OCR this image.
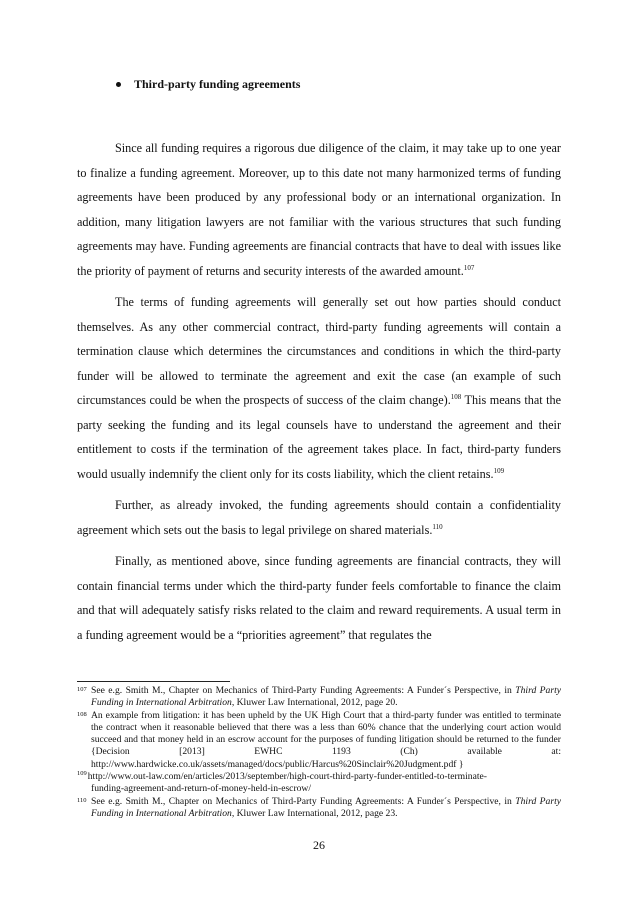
Third-party funding agreements

Since all funding requires a rigorous due diligence of the claim, it may take up to one year to finalize a funding agreement. Moreover, up to this date not many harmonized terms of funding agreements have been produced by any professional body or an international organization. In addition, many litigation lawyers are not familiar with the various structures that such funding agreements may have. Funding agreements are financial contracts that have to deal with issues like the priority of payment of returns and security interests of the awarded amount.$^{107}$

The terms of funding agreements will generally set out how parties should conduct themselves. As any other commercial contract, third-party funding agreements will contain a termination clause which determines the circumstances and conditions in which the third-party funder will be allowed to terminate the agreement and exit the case (an example of such circumstances could be when the prospects of success of the claim change).$^{108}$ This means that the party seeking the funding and its legal counsels have to understand the agreement and their entitlement to costs if the termination of the agreement takes place. In fact, third-party funders would usually indemnify the client only for its costs liability, which the client retains.$^{109}$

Further, as already invoked, the funding agreements should contain a confidentiality agreement which sets out the basis to legal privilege on shared materials.$^{110}$

Finally, as mentioned above, since funding agreements are financial contracts, they will contain financial terms under which the third-party funder feels comfortable to finance the claim and that will adequately satisfy risks related to the claim and reward requirements. A usual term in a funding agreement would be a “priorities agreement” that regulates the

107 See e.g. Smith M., Chapter on Mechanics of Third-Party Funding Agreements: A Funder´s Perspective, in Third Party Funding in International Arbitration, Kluwer Law International, 2012, page 20.

108 An example from litigation: it has been upheld by the UK High Court that a third-party funder was entitled to terminate the contract when it reasonable believed that there was a less than 60% chance that the underlying court action would succeed and that money held in an escrow account for the purposes of funding litigation should be returned to the funder {Decision [2013] EWHC 1193 (Ch) available at: http://www.hardwicke.co.uk/assets/managed/docs/public/Harcus%20Sinclair%20Judgment.pdf }

$^{109}$http://www.out-law.com/en/articles/2013/september/high-court-third-party-funder-entitled-to-terminate-
funding-agreement-and-return-of-money-held-in-escrow/

110 See e.g. Smith M., Chapter on Mechanics of Third-Party Funding Agreements: A Funder´s Perspective, in Third Party Funding in International Arbitration, Kluwer Law International, 2012, page 23.

26
